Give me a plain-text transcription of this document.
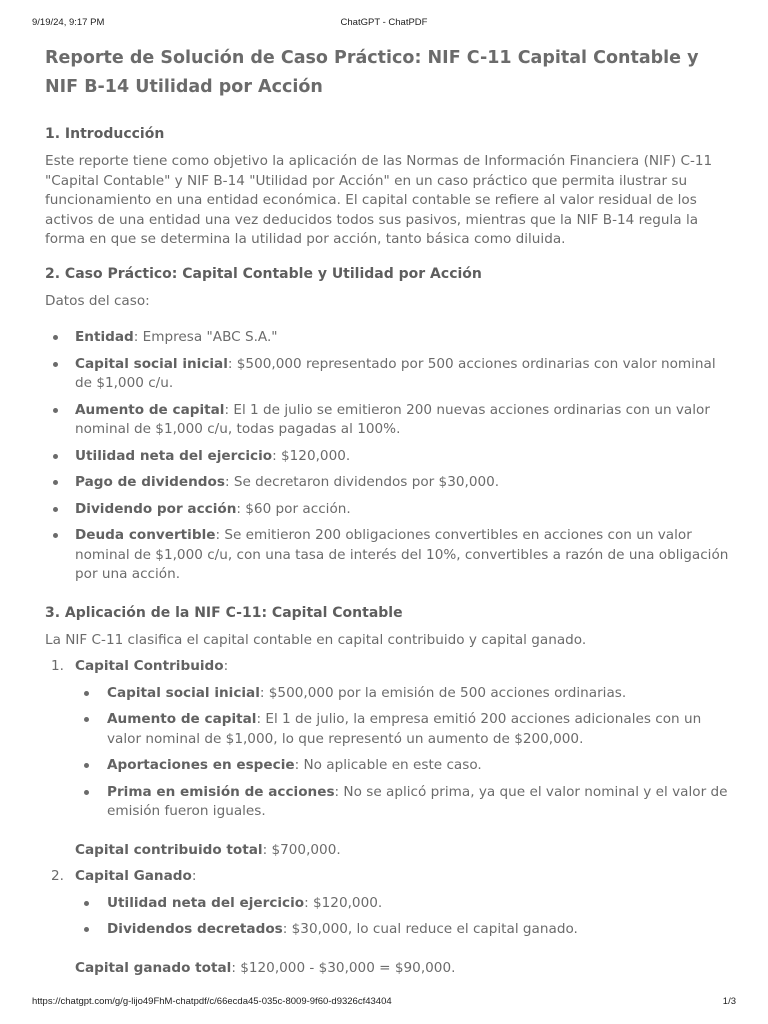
9/19/24, 9:17 PM	ChatGPT - ChatPDF
Reporte de Solución de Caso Práctico: NIF C-11 Capital Contable y NIF B-14 Utilidad por Acción
1. Introducción

Este reporte tiene como objetivo la aplicación de las Normas de Información Financiera (NIF) C-11 "Capital Contable" y NIF B-14 "Utilidad por Acción" en un caso práctico que permita ilustrar su funcionamiento en una entidad económica. El capital contable se refiere al valor residual de los activos de una entidad una vez deducidos todos sus pasivos, mientras que la NIF B-14 regula la forma en que se determina la utilidad por acción, tanto básica como diluida.

2. Caso Práctico: Capital Contable y Utilidad por Acción

Datos del caso:

Entidad: Empresa "ABC S.A."
Capital social inicial: $500,000 representado por 500 acciones ordinarias con valor nominal de $1,000 c/u.
Aumento de capital: El 1 de julio se emitieron 200 nuevas acciones ordinarias con un valor nominal de $1,000 c/u, todas pagadas al 100%.
Utilidad neta del ejercicio: $120,000.
Pago de dividendos: Se decretaron dividendos por $30,000.
Dividendo por acción: $60 por acción.
Deuda convertible: Se emitieron 200 obligaciones convertibles en acciones con un valor nominal de $1,000 c/u, con una tasa de interés del 10%, convertibles a razón de una obligación por una acción.
3. Aplicación de la NIF C-11: Capital Contable

La NIF C-11 clasifica el capital contable en capital contribuido y capital ganado.

1. Capital Contribuido:
Capital social inicial: $500,000 por la emisión de 500 acciones ordinarias.
Aumento de capital: El 1 de julio, la empresa emitió 200 acciones adicionales con un valor nominal de $1,000, lo que representó un aumento de $200,000.
Aportaciones en especie: No aplicable en este caso.
Prima en emisión de acciones: No se aplicó prima, ya que el valor nominal y el valor de emisión fueron iguales.

Capital contribuido total: $700,000.

2. Capital Ganado:
Utilidad neta del ejercicio: $120,000.
Dividendos decretados: $30,000, lo cual reduce el capital ganado.

Capital ganado total: $120,000 - $30,000 = $90,000.

https://chatgpt.com/g/g-lijo49FhM-chatpdf/c/66ecda45-035c-8009-9f60-d9326cf43404	1/3
